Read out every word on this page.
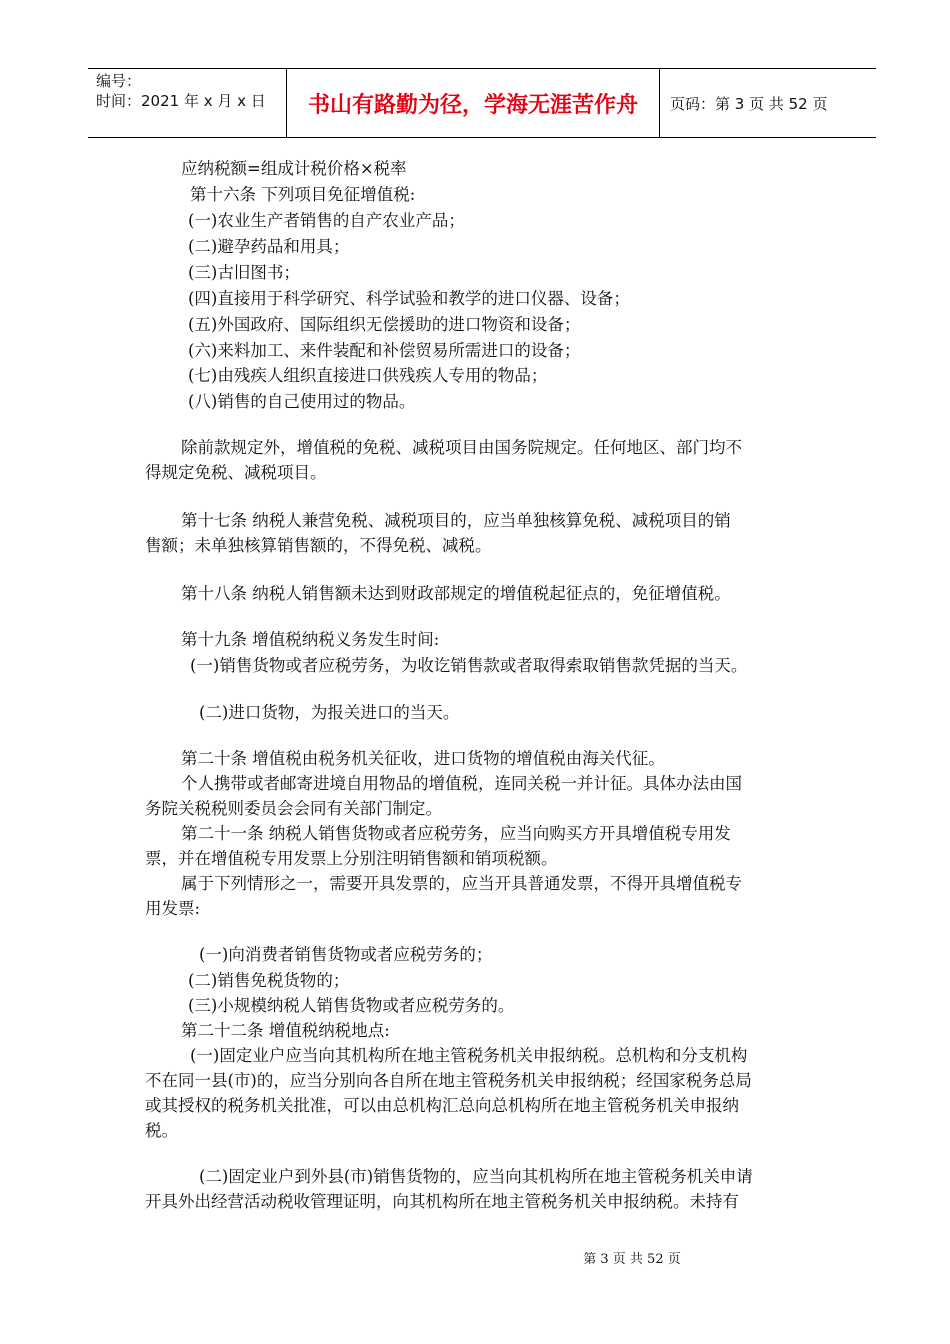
编号：
时间：2021 年 x 月 x 日	书山有路勤为径，学海无涯苦作舟	页码：第 3 页 共 52 页
应纳税额=组成计税价格×税率
第十六条 下列项目免征增值税:
(一)农业生产者销售的自产农业产品；
(二)避孕药品和用具；
(三)古旧图书；
(四)直接用于科学研究、科学试验和教学的进口仪器、设备；
(五)外国政府、国际组织无偿援助的进口物资和设备；
(六)来料加工、来件装配和补偿贸易所需进口的设备；
(七)由残疾人组织直接进口供残疾人专用的物品；
(八)销售的自己使用过的物品。
除前款规定外，增值税的免税、减税项目由国务院规定。任何地区、部门均不
得规定免税、减税项目。
第十七条 纳税人兼营免税、减税项目的，应当单独核算免税、减税项目的销
售额；未单独核算销售额的，不得免税、减税。
第十八条 纳税人销售额未达到财政部规定的增值税起征点的，免征增值税。
第十九条 增值税纳税义务发生时间:
(一)销售货物或者应税劳务，为收讫销售款或者取得索取销售款凭据的当天。
(二)进口货物，为报关进口的当天。
第二十条 增值税由税务机关征收，进口货物的增值税由海关代征。
个人携带或者邮寄进境自用物品的增值税，连同关税一并计征。具体办法由国
务院关税税则委员会会同有关部门制定。
第二十一条 纳税人销售货物或者应税劳务，应当向购买方开具增值税专用发
票，并在增值税专用发票上分别注明销售额和销项税额。
属于下列情形之一，需要开具发票的，应当开具普通发票，不得开具增值税专
用发票:
(一)向消费者销售货物或者应税劳务的；
(二)销售免税货物的；
(三)小规模纳税人销售货物或者应税劳务的。
第二十二条 增值税纳税地点:
(一)固定业户应当向其机构所在地主管税务机关申报纳税。总机构和分支机构
不在同一县(市)的，应当分别向各自所在地主管税务机关申报纳税；经国家税务总局
或其授权的税务机关批准，可以由总机构汇总向总机构所在地主管税务机关申报纳
税。
(二)固定业户到外县(市)销售货物的，应当向其机构所在地主管税务机关申请
开具外出经营活动税收管理证明，向其机构所在地主管税务机关申报纳税。未持有
第 3 页 共 52 页
